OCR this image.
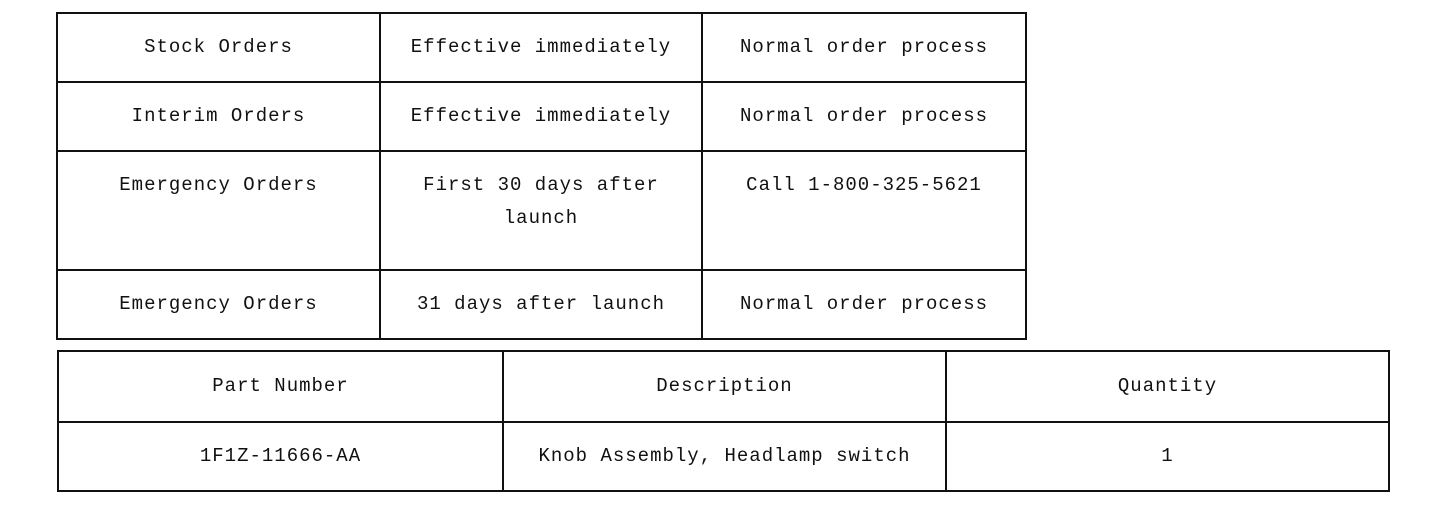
Stock Orders	Effective immediately	Normal order process
Interim Orders	Effective immediately	Normal order process
Emergency Orders	First 30 days after launch	Call 1-800-325-5621
Emergency Orders	31 days after launch	Normal order process
Part Number	Description	Quantity
1F1Z-11666-AA	Knob Assembly, Headlamp switch	1
